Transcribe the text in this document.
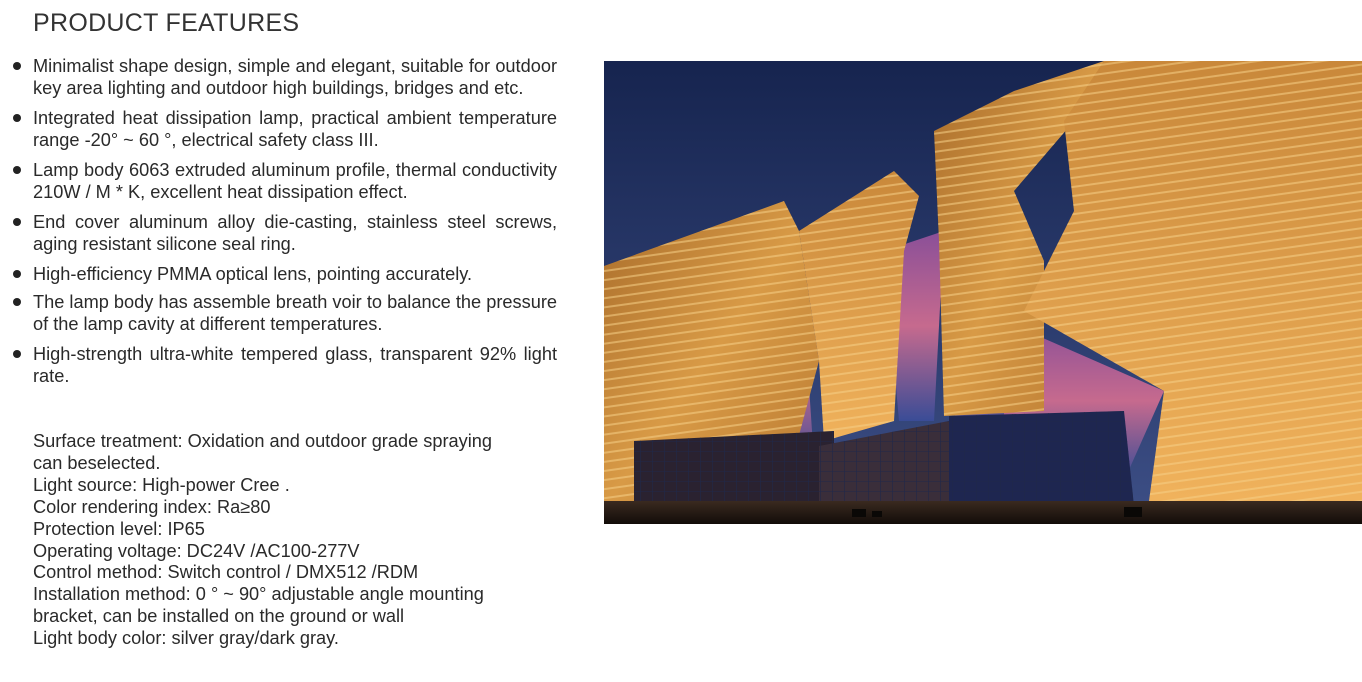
PRODUCT FEATURES
Minimalist shape design, simple and elegant, suitable for outdoor key area lighting and outdoor high buildings, bridges and etc.
Integrated heat dissipation lamp, practical ambient temperature range -20° ~ 60 °, electrical safety class III.
Lamp body 6063 extruded aluminum profile, thermal conductivity 210W / M * K, excellent heat dissipation effect.
End cover aluminum alloy die-casting, stainless steel screws, aging resistant silicone seal ring.
High-efficiency PMMA optical lens, pointing accurately.
The lamp body has assemble breath voir to balance the pressure of the lamp cavity at different temperatures.
High-strength ultra-white tempered glass, transparent 92% light rate.
Surface treatment: Oxidation and outdoor grade spraying
can beselected.
Light source: High-power Cree .
Color rendering index: Ra≥80
Protection level: IP65
Operating voltage: DC24V /AC100-277V
Control method: Switch control / DMX512 /RDM
Installation method: 0 ° ~ 90° adjustable angle mounting
bracket, can be installed on the ground or wall
Light body color: silver gray/dark gray.
